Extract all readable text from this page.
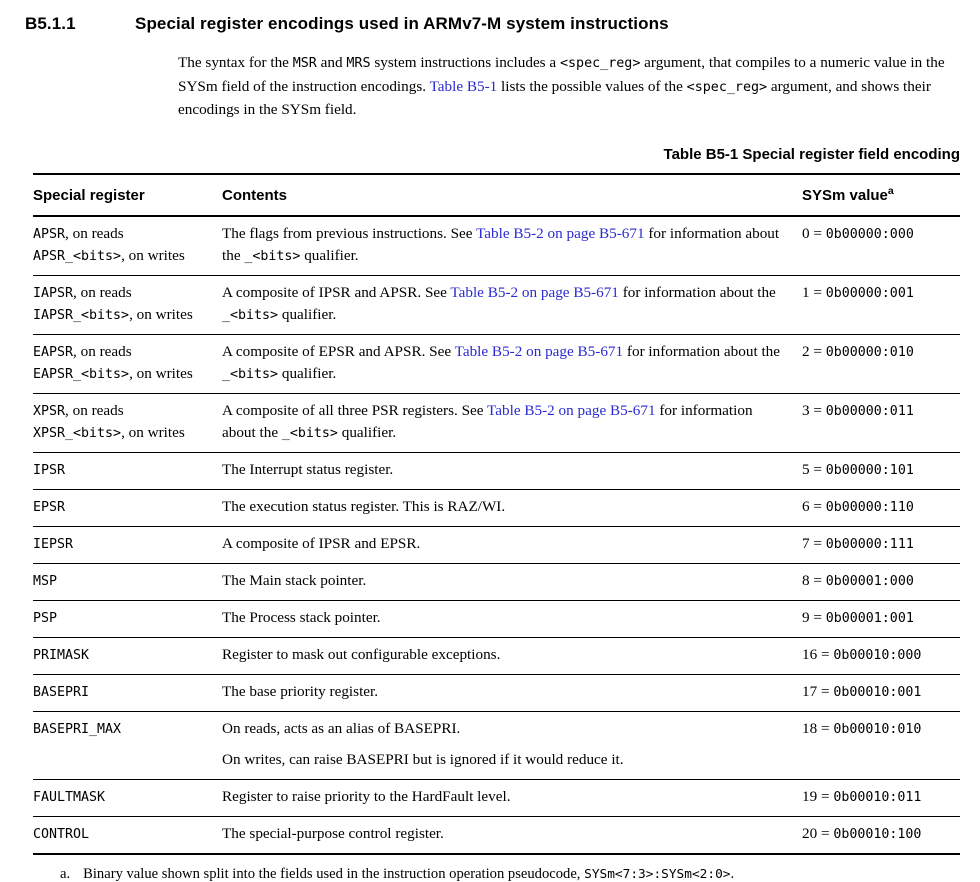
B5.1.1	Special register encodings used in ARMv7-M system instructions

The syntax for the MSR and MRS system instructions includes a <spec_reg> argument, that compiles to a numeric value in the SYSm field of the instruction encodings. Table B5-1 lists the possible values of the <spec_reg> argument, and shows their encodings in the SYSm field.

Table B5-1 Special register field encoding
Special register	Contents	SYSm value$^a$

APSR, on reads
APSR_<bits>, on writes	The flags from previous instructions. See Table B5-2 on page B5-671 for information about the _<bits> qualifier.	0 = 0b00000:000

IAPSR, on reads
IAPSR_<bits>, on writes	A composite of IPSR and APSR. See Table B5-2 on page B5-671 for information about the _<bits> qualifier.	1 = 0b00000:001

EAPSR, on reads
EAPSR_<bits>, on writes	A composite of EPSR and APSR. See Table B5-2 on page B5-671 for information about the _<bits> qualifier.	2 = 0b00000:010

XPSR, on reads
XPSR_<bits>, on writes	A composite of all three PSR registers. See Table B5-2 on page B5-671 for information about the _<bits> qualifier.	3 = 0b00000:011

IPSR	The Interrupt status register.	5 = 0b00000:101

EPSR	The execution status register. This is RAZ/WI.	6 = 0b00000:110

IEPSR	A composite of IPSR and EPSR.	7 = 0b00000:111

MSP	The Main stack pointer.	8 = 0b00001:000

PSP	The Process stack pointer.	9 = 0b00001:001

PRIMASK	Register to mask out configurable exceptions.	16 = 0b00010:000

BASEPRI	The base priority register.	17 = 0b00010:001

BASEPRI_MAX	On reads, acts as an alias of BASEPRI.
On writes, can raise BASEPRI but is ignored if it would reduce it.	18 = 0b00010:010

FAULTMASK	Register to raise priority to the HardFault level.	19 = 0b00010:011

CONTROL	The special-purpose control register.	20 = 0b00010:100
a. Binary value shown split into the fields used in the instruction operation pseudocode, SYSm<7:3>:SYSm<2:0>.
